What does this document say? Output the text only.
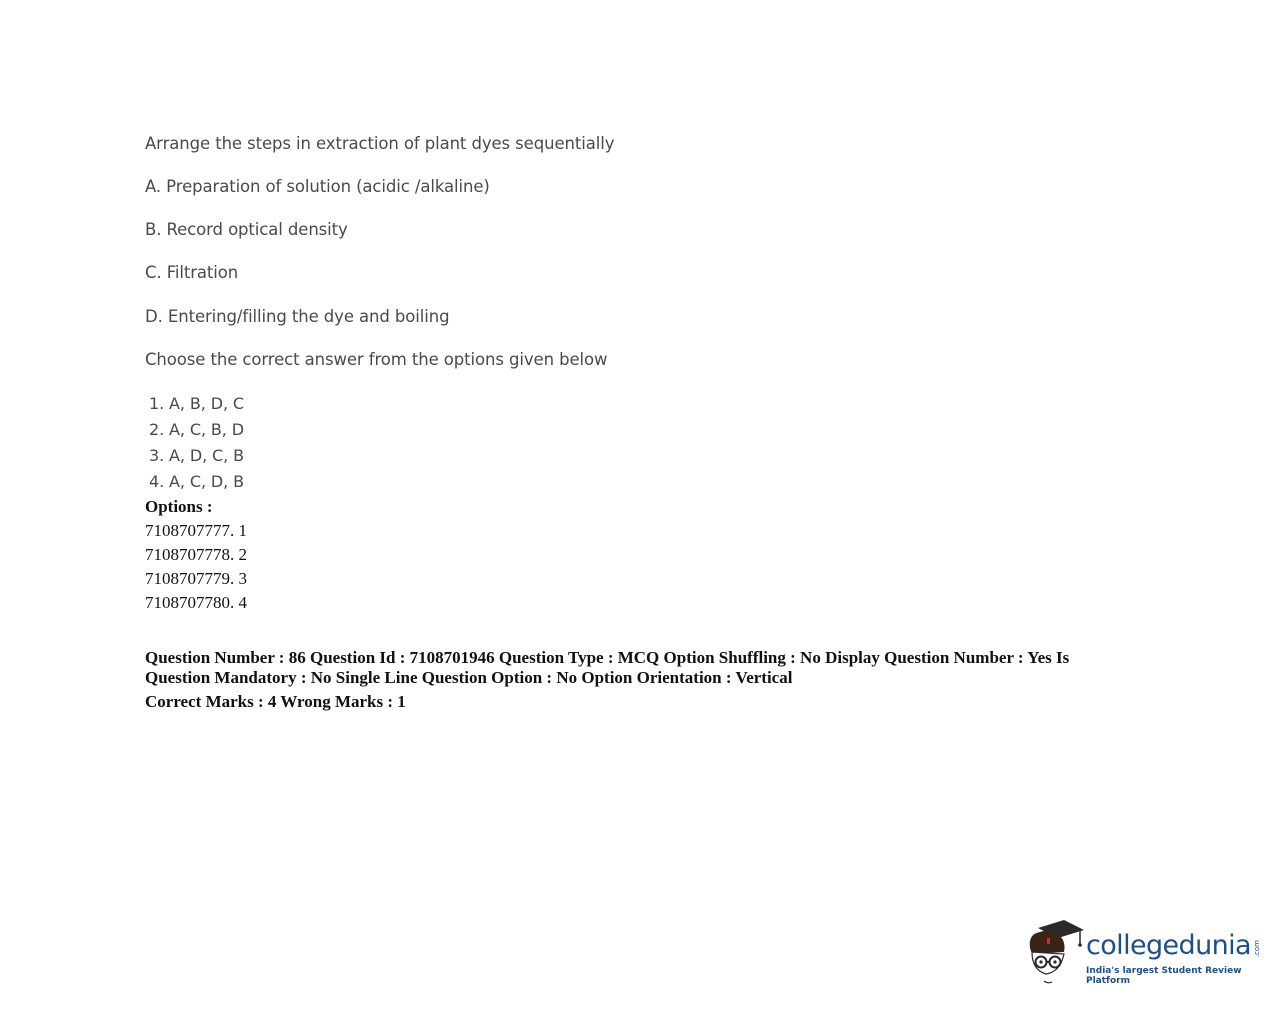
Arrange the steps in extraction of plant dyes sequentially
A. Preparation of solution (acidic /alkaline)
B. Record optical density
C. Filtration
D. Entering/filling the dye and boiling
Choose the correct answer from the options given below
1. A, B, D, C
2. A, C, B, D
3. A, D, C, B
4. A, C, D, B
Options :
7108707777. 1
7108707778. 2
7108707779. 3
7108707780. 4
Question Number : 86 Question Id : 7108701946 Question Type : MCQ Option Shuffling : No Display Question Number : Yes Is
Question Mandatory : No Single Line Question Option : No Option Orientation : Vertical
Correct Marks : 4 Wrong Marks : 1
collegedunia .com
India's largest Student Review Platform
